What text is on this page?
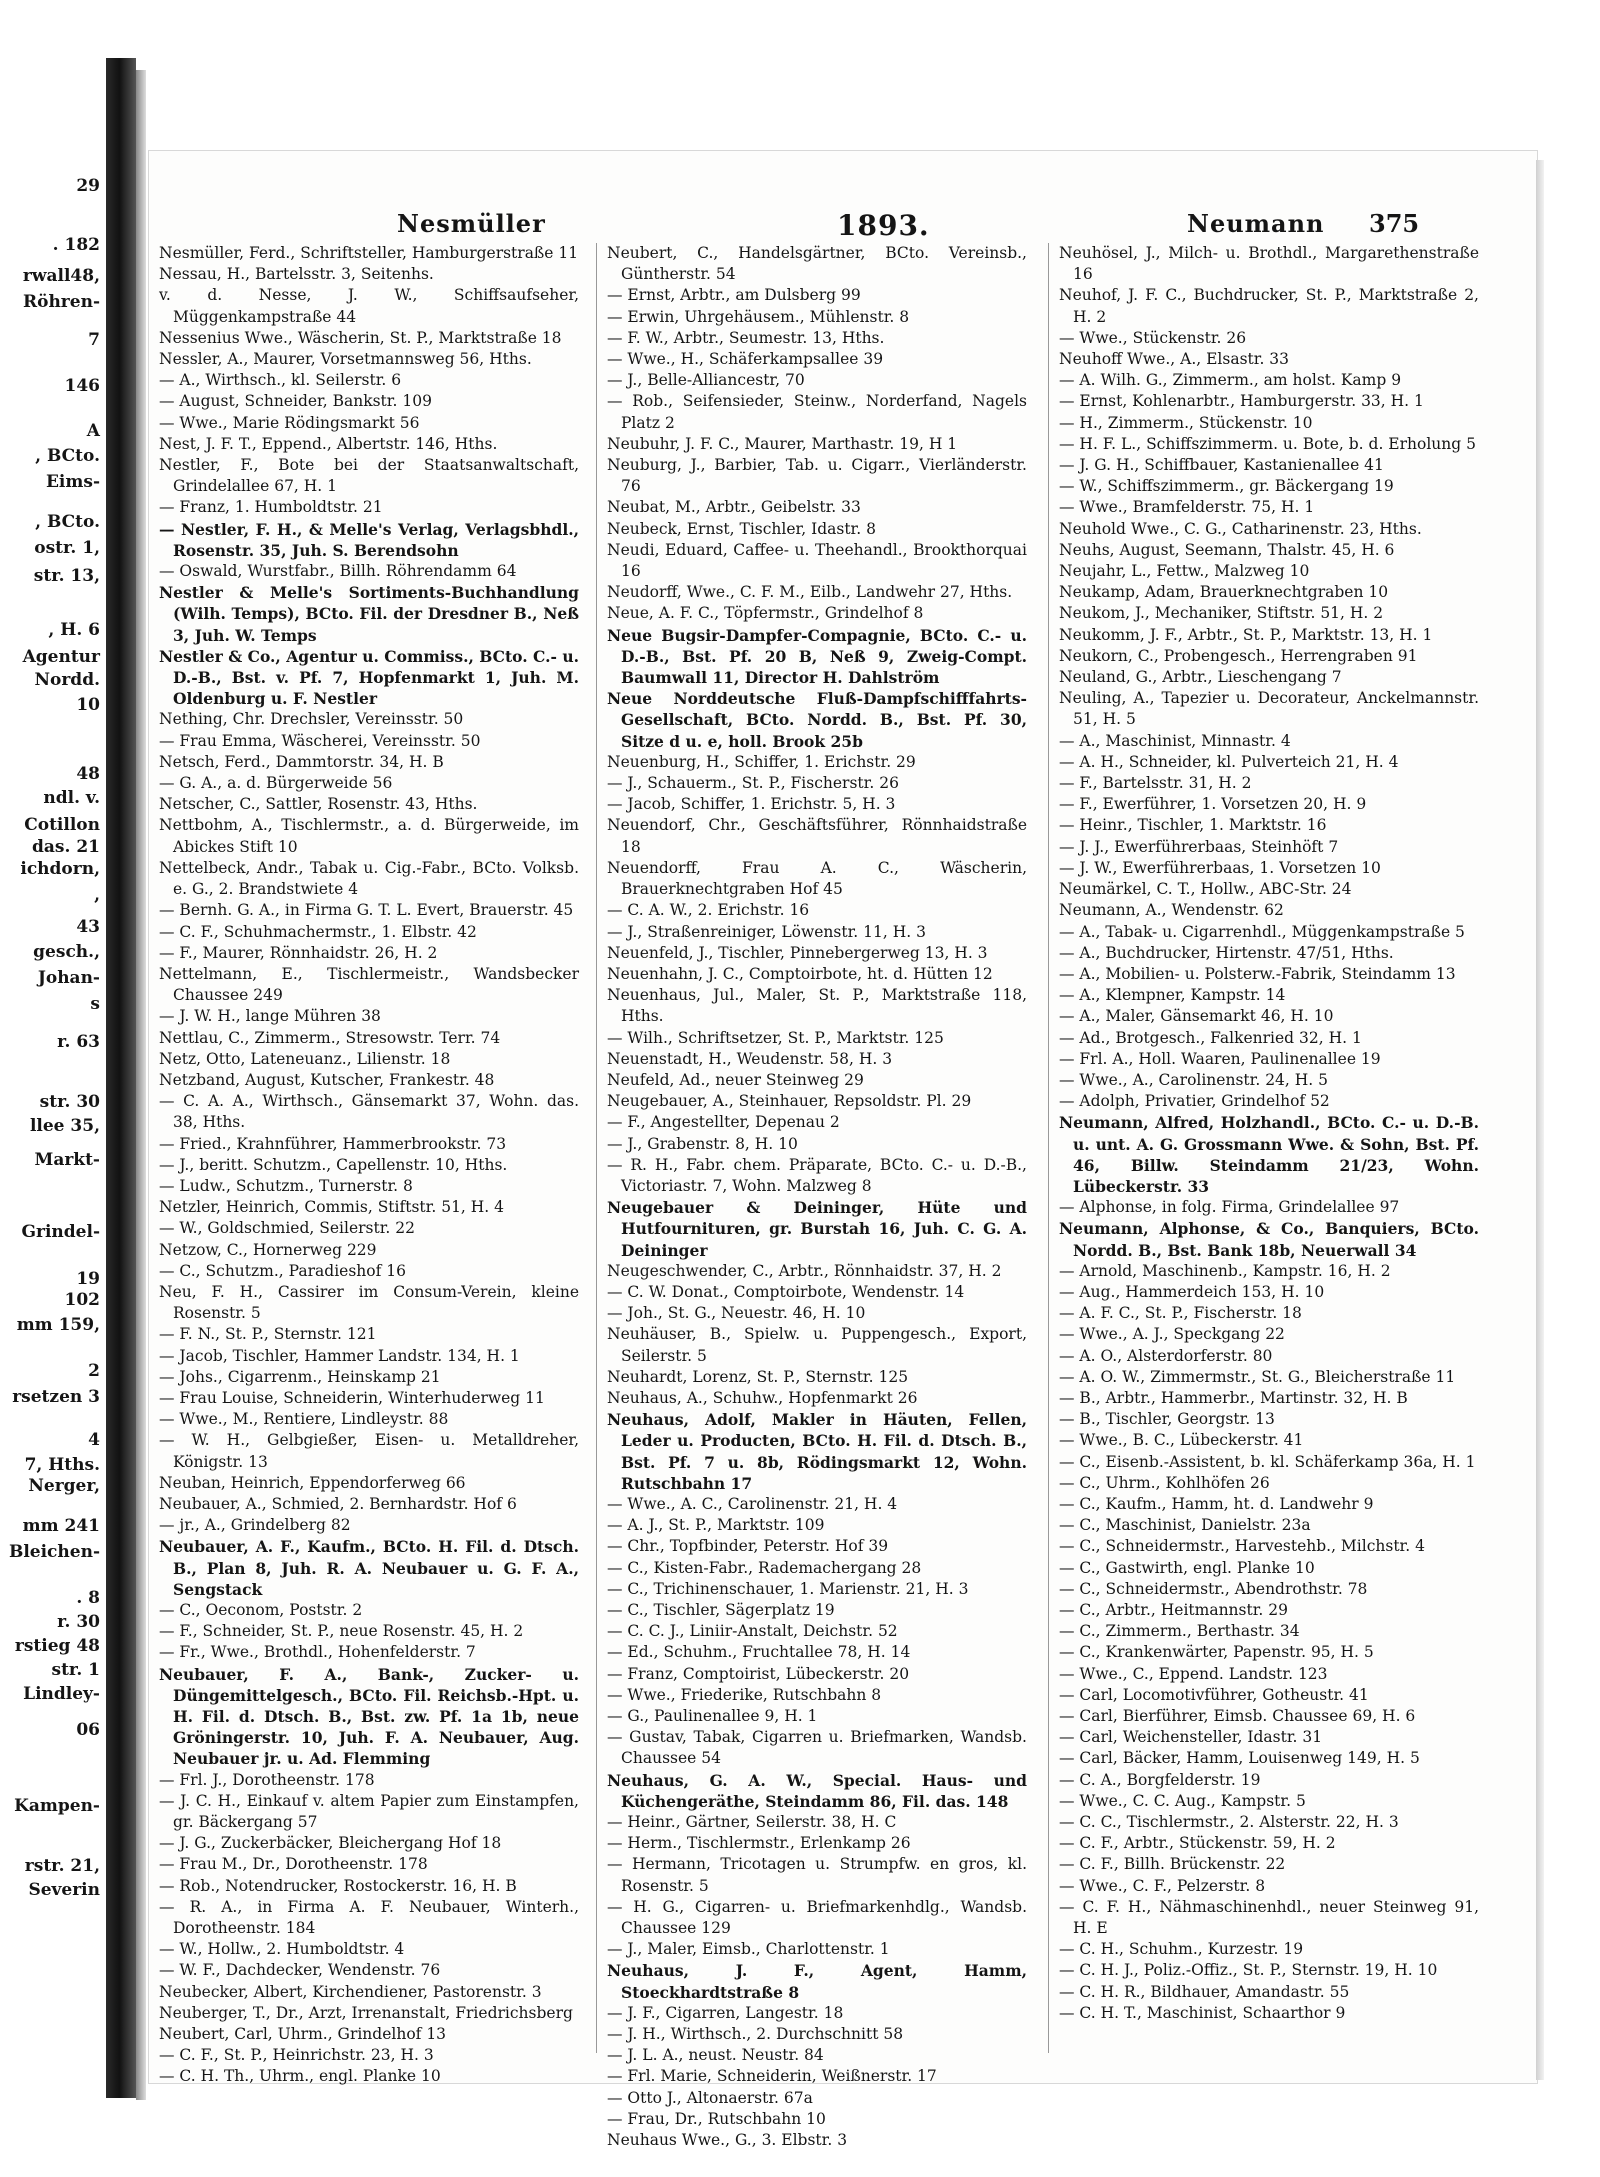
29
. 182
rwall48,
Röhren-
7
146
A
, BCto.
Eims-
, BCto.
ostr. 1,
str. 13,
, H. 6
Agentur
Nordd.
10
48
ndl. v.
Cotillon
das. 21
ichdorn,
,
43
gesch.,
Johan-
s
r. 63
str. 30
llee 35,
Markt-
Grindel-
19
102
mm 159,
2
rsetzen 3
4
7, Hths.
Nerger,
mm 241
Bleichen-
. 8
r. 30
rstieg 48
str. 1
Lindley-
06
Kampen-
rstr. 21,
Severin
Nesmüller	1893.	Neumann 375

Nesmüller, Ferd., Schriftsteller, Hamburgerstraße 11

Nessau, H., Bartelsstr. 3, Seitenhs.

v. d. Nesse, J. W., Schiffsaufseher, Müggenkampstraße 44

Nessenius Wwe., Wäscherin, St. P., Marktstraße 18

Nessler, A., Maurer, Vorsetmannsweg 56, Hths.

— A., Wirthsch., kl. Seilerstr. 6

— August, Schneider, Bankstr. 109

— Wwe., Marie Rödingsmarkt 56

Nest, J. F. T., Eppend., Albertstr. 146, Hths.

Nestler, F., Bote bei der Staatsanwaltschaft, Grindelallee 67, H. 1

— Franz, 1. Humboldtstr. 21

— Nestler, F. H., & Melle's Verlag, Verlagsbhdl., Rosenstr. 35, Juh. S. Berendsohn

— Oswald, Wurstfabr., Billh. Röhrendamm 64

Nestler & Melle's Sortiments-Buchhandlung (Wilh. Temps), BCto. Fil. der Dresdner B., Neß 3, Juh. W. Temps

Nestler & Co., Agentur u. Commiss., BCto. C.- u. D.-B., Bst. v. Pf. 7, Hopfenmarkt 1, Juh. M. Oldenburg u. F. Nestler

Nething, Chr. Drechsler, Vereinsstr. 50

— Frau Emma, Wäscherei, Vereinsstr. 50

Netsch, Ferd., Dammtorstr. 34, H. B

— G. A., a. d. Bürgerweide 56

Netscher, C., Sattler, Rosenstr. 43, Hths.

Nettbohm, A., Tischlermstr., a. d. Bürgerweide, im Abickes Stift 10

Nettelbeck, Andr., Tabak u. Cig.-Fabr., BCto. Volksb. e. G., 2. Brandstwiete 4

— Bernh. G. A., in Firma G. T. L. Evert, Brauerstr. 45

— C. F., Schuhmachermstr., 1. Elbstr. 42

— F., Maurer, Rönnhaidstr. 26, H. 2

Nettelmann, E., Tischlermeistr., Wandsbecker Chaussee 249

— J. W. H., lange Mühren 38

Nettlau, C., Zimmerm., Stresowstr. Terr. 74

Netz, Otto, Lateneuanz., Lilienstr. 18

Netzband, August, Kutscher, Frankestr. 48

— C. A. A., Wirthsch., Gänsemarkt 37, Wohn. das. 38, Hths.

— Fried., Krahnführer, Hammerbrookstr. 73

— J., beritt. Schutzm., Capellenstr. 10, Hths.

— Ludw., Schutzm., Turnerstr. 8

Netzler, Heinrich, Commis, Stiftstr. 51, H. 4

— W., Goldschmied, Seilerstr. 22

Netzow, C., Hornerweg 229

— C., Schutzm., Paradieshof 16

Neu, F. H., Cassirer im Consum-Verein, kleine Rosenstr. 5

— F. N., St. P., Sternstr. 121

— Jacob, Tischler, Hammer Landstr. 134, H. 1

— Johs., Cigarrenm., Heinskamp 21

— Frau Louise, Schneiderin, Winterhuderweg 11

— Wwe., M., Rentiere, Lindleystr. 88

— W. H., Gelbgießer, Eisen- u. Metalldreher, Königstr. 13

Neuban, Heinrich, Eppendorferweg 66

Neubauer, A., Schmied, 2. Bernhardstr. Hof 6

— jr., A., Grindelberg 82

Neubauer, A. F., Kaufm., BCto. H. Fil. d. Dtsch. B., Plan 8, Juh. R. A. Neubauer u. G. F. A., Sengstack

— C., Oeconom, Poststr. 2

— F., Schneider, St. P., neue Rosenstr. 45, H. 2

— Fr., Wwe., Brothdl., Hohenfelderstr. 7

Neubauer, F. A., Bank-, Zucker- u. Düngemittelgesch., BCto. Fil. Reichsb.-Hpt. u. H. Fil. d. Dtsch. B., Bst. zw. Pf. 1a 1b, neue Gröningerstr. 10, Juh. F. A. Neubauer, Aug. Neubauer jr. u. Ad. Flemming

— Frl. J., Dorotheenstr. 178

— J. C. H., Einkauf v. altem Papier zum Einstampfen, gr. Bäckergang 57

— J. G., Zuckerbäcker, Bleichergang Hof 18

— Frau M., Dr., Dorotheenstr. 178

— Rob., Notendrucker, Rostockerstr. 16, H. B

— R. A., in Firma A. F. Neubauer, Winterh., Dorotheenstr. 184

— W., Hollw., 2. Humboldtstr. 4

— W. F., Dachdecker, Wendenstr. 76

Neubecker, Albert, Kirchendiener, Pastorenstr. 3

Neuberger, T., Dr., Arzt, Irrenanstalt, Friedrichsberg

Neubert, Carl, Uhrm., Grindelhof 13

— C. F., St. P., Heinrichstr. 23, H. 3

— C. H. Th., Uhrm., engl. Planke 10

Neubert, C., Handelsgärtner, BCto. Vereinsb., Güntherstr. 54

— Ernst, Arbtr., am Dulsberg 99

— Erwin, Uhrgehäusem., Mühlenstr. 8

— F. W., Arbtr., Seumestr. 13, Hths.

— Wwe., H., Schäferkampsallee 39

— J., Belle-Alliancestr, 70

— Rob., Seifensieder, Steinw., Norderfand, Nagels Platz 2

Neubuhr, J. F. C., Maurer, Marthastr. 19, H 1

Neuburg, J., Barbier, Tab. u. Cigarr., Vierländerstr. 76

Neubat, M., Arbtr., Geibelstr. 33

Neubeck, Ernst, Tischler, Idastr. 8

Neudi, Eduard, Caffee- u. Theehandl., Brookthorquai 16

Neudorff, Wwe., C. F. M., Eilb., Landwehr 27, Hths.

Neue, A. F. C., Töpfermstr., Grindelhof 8

Neue Bugsir-Dampfer-Compagnie, BCto. C.- u. D.-B., Bst. Pf. 20 B, Neß 9, Zweig-Compt. Baumwall 11, Director H. Dahlström

Neue Norddeutsche Fluß-Dampfschifffahrts-Gesellschaft, BCto. Nordd. B., Bst. Pf. 30, Sitze d u. e, holl. Brook 25b

Neuenburg, H., Schiffer, 1. Erichstr. 29

— J., Schauerm., St. P., Fischerstr. 26

— Jacob, Schiffer, 1. Erichstr. 5, H. 3

Neuendorf, Chr., Geschäftsführer, Rönnhaidstraße 18

Neuendorff, Frau A. C., Wäscherin, Brauerknechtgraben Hof 45

— C. A. W., 2. Erichstr. 16

— J., Straßenreiniger, Löwenstr. 11, H. 3

Neuenfeld, J., Tischler, Pinnebergerweg 13, H. 3

Neuenhahn, J. C., Comptoirbote, ht. d. Hütten 12

Neuenhaus, Jul., Maler, St. P., Marktstraße 118, Hths.

— Wilh., Schriftsetzer, St. P., Marktstr. 125

Neuenstadt, H., Weudenstr. 58, H. 3

Neufeld, Ad., neuer Steinweg 29

Neugebauer, A., Steinhauer, Repsoldstr. Pl. 29

— F., Angestellter, Depenau 2

— J., Grabenstr. 8, H. 10

— R. H., Fabr. chem. Präparate, BCto. C.- u. D.-B., Victoriastr. 7, Wohn. Malzweg 8

Neugebauer & Deininger, Hüte und Hutfournituren, gr. Burstah 16, Juh. C. G. A. Deininger

Neugeschwender, C., Arbtr., Rönnhaidstr. 37, H. 2

— C. W. Donat., Comptoirbote, Wendenstr. 14

— Joh., St. G., Neuestr. 46, H. 10

Neuhäuser, B., Spielw. u. Puppengesch., Export, Seilerstr. 5

Neuhardt, Lorenz, St. P., Sternstr. 125

Neuhaus, A., Schuhw., Hopfenmarkt 26

Neuhaus, Adolf, Makler in Häuten, Fellen, Leder u. Producten, BCto. H. Fil. d. Dtsch. B., Bst. Pf. 7 u. 8b, Rödingsmarkt 12, Wohn. Rutschbahn 17

— Wwe., A. C., Carolinenstr. 21, H. 4

— A. J., St. P., Marktstr. 109

— Chr., Topfbinder, Peterstr. Hof 39

— C., Kisten-Fabr., Rademachergang 28

— C., Trichinenschauer, 1. Marienstr. 21, H. 3

— C., Tischler, Sägerplatz 19

— C. C. J., Liniir-Anstalt, Deichstr. 52

— Ed., Schuhm., Fruchtallee 78, H. 14

— Franz, Comptoirist, Lübeckerstr. 20

— Wwe., Friederike, Rutschbahn 8

— G., Paulinenallee 9, H. 1

— Gustav, Tabak, Cigarren u. Briefmarken, Wandsb. Chaussee 54

Neuhaus, G. A. W., Special. Haus- und Küchengeräthe, Steindamm 86, Fil. das. 148

— Heinr., Gärtner, Seilerstr. 38, H. C

— Herm., Tischlermstr., Erlenkamp 26

— Hermann, Tricotagen u. Strumpfw. en gros, kl. Rosenstr. 5

— H. G., Cigarren- u. Briefmarkenhdlg., Wandsb. Chaussee 129

— J., Maler, Eimsb., Charlottenstr. 1

Neuhaus, J. F., Agent, Hamm, Stoeckhardtstraße 8

— J. F., Cigarren, Langestr. 18

— J. H., Wirthsch., 2. Durchschnitt 58

— J. L. A., neust. Neustr. 84

— Frl. Marie, Schneiderin, Weißnerstr. 17

— Otto J., Altonaerstr. 67a

— Frau, Dr., Rutschbahn 10

Neuhaus Wwe., G., 3. Elbstr. 3

Neuhösel, J., Milch- u. Brothdl., Margarethenstraße 16

Neuhof, J. F. C., Buchdrucker, St. P., Marktstraße 2, H. 2

— Wwe., Stückenstr. 26

Neuhoff Wwe., A., Elsastr. 33

— A. Wilh. G., Zimmerm., am holst. Kamp 9

— Ernst, Kohlenarbtr., Hamburgerstr. 33, H. 1

— H., Zimmerm., Stückenstr. 10

— H. F. L., Schiffszimmerm. u. Bote, b. d. Erholung 5

— J. G. H., Schiffbauer, Kastanienallee 41

— W., Schiffszimmerm., gr. Bäckergang 19

— Wwe., Bramfelderstr. 75, H. 1

Neuhold Wwe., C. G., Catharinenstr. 23, Hths.

Neuhs, August, Seemann, Thalstr. 45, H. 6

Neujahr, L., Fettw., Malzweg 10

Neukamp, Adam, Brauerknechtgraben 10

Neukom, J., Mechaniker, Stiftstr. 51, H. 2

Neukomm, J. F., Arbtr., St. P., Marktstr. 13, H. 1

Neukorn, C., Probengesch., Herrengraben 91

Neuland, G., Arbtr., Lieschengang 7

Neuling, A., Tapezier u. Decorateur, Anckelmannstr. 51, H. 5

— A., Maschinist, Minnastr. 4

— A. H., Schneider, kl. Pulverteich 21, H. 4

— F., Bartelsstr. 31, H. 2

— F., Ewerführer, 1. Vorsetzen 20, H. 9

— Heinr., Tischler, 1. Marktstr. 16

— J. J., Ewerführerbaas, Steinhöft 7

— J. W., Ewerführerbaas, 1. Vorsetzen 10

Neumärkel, C. T., Hollw., ABC-Str. 24

Neumann, A., Wendenstr. 62

— A., Tabak- u. Cigarrenhdl., Müggenkampstraße 5

— A., Buchdrucker, Hirtenstr. 47/51, Hths.

— A., Mobilien- u. Polsterw.-Fabrik, Steindamm 13

— A., Klempner, Kampstr. 14

— A., Maler, Gänsemarkt 46, H. 10

— Ad., Brotgesch., Falkenried 32, H. 1

— Frl. A., Holl. Waaren, Paulinenallee 19

— Wwe., A., Carolinenstr. 24, H. 5

— Adolph, Privatier, Grindelhof 52

Neumann, Alfred, Holzhandl., BCto. C.- u. D.-B. u. unt. A. G. Grossmann Wwe. & Sohn, Bst. Pf. 46, Billw. Steindamm 21/23, Wohn. Lübeckerstr. 33

— Alphonse, in folg. Firma, Grindelallee 97

Neumann, Alphonse, & Co., Banquiers, BCto. Nordd. B., Bst. Bank 18b, Neuerwall 34

— Arnold, Maschinenb., Kampstr. 16, H. 2

— Aug., Hammerdeich 153, H. 10

— A. F. C., St. P., Fischerstr. 18

— Wwe., A. J., Speckgang 22

— A. O., Alsterdorferstr. 80

— A. O. W., Zimmermstr., St. G., Bleicherstraße 11

— B., Arbtr., Hammerbr., Martinstr. 32, H. B

— B., Tischler, Georgstr. 13

— Wwe., B. C., Lübeckerstr. 41

— C., Eisenb.-Assistent, b. kl. Schäferkamp 36a, H. 1

— C., Uhrm., Kohlhöfen 26

— C., Kaufm., Hamm, ht. d. Landwehr 9

— C., Maschinist, Danielstr. 23a

— C., Schneidermstr., Harvestehb., Milchstr. 4

— C., Gastwirth, engl. Planke 10

— C., Schneidermstr., Abendrothstr. 78

— C., Arbtr., Heitmannstr. 29

— C., Zimmerm., Berthastr. 34

— C., Krankenwärter, Papenstr. 95, H. 5

— Wwe., C., Eppend. Landstr. 123

— Carl, Locomotivführer, Gotheustr. 41

— Carl, Bierführer, Eimsb. Chaussee 69, H. 6

— Carl, Weichensteller, Idastr. 31

— Carl, Bäcker, Hamm, Louisenweg 149, H. 5

— C. A., Borgfelderstr. 19

— Wwe., C. C. Aug., Kampstr. 5

— C. C., Tischlermstr., 2. Alsterstr. 22, H. 3

— C. F., Arbtr., Stückenstr. 59, H. 2

— C. F., Billh. Brückenstr. 22

— Wwe., C. F., Pelzerstr. 8

— C. F. H., Nähmaschinenhdl., neuer Steinweg 91, H. E

— C. H., Schuhm., Kurzestr. 19

— C. H. J., Poliz.-Offiz., St. P., Sternstr. 19, H. 10

— C. H. R., Bildhauer, Amandastr. 55

— C. H. T., Maschinist, Schaarthor 9
